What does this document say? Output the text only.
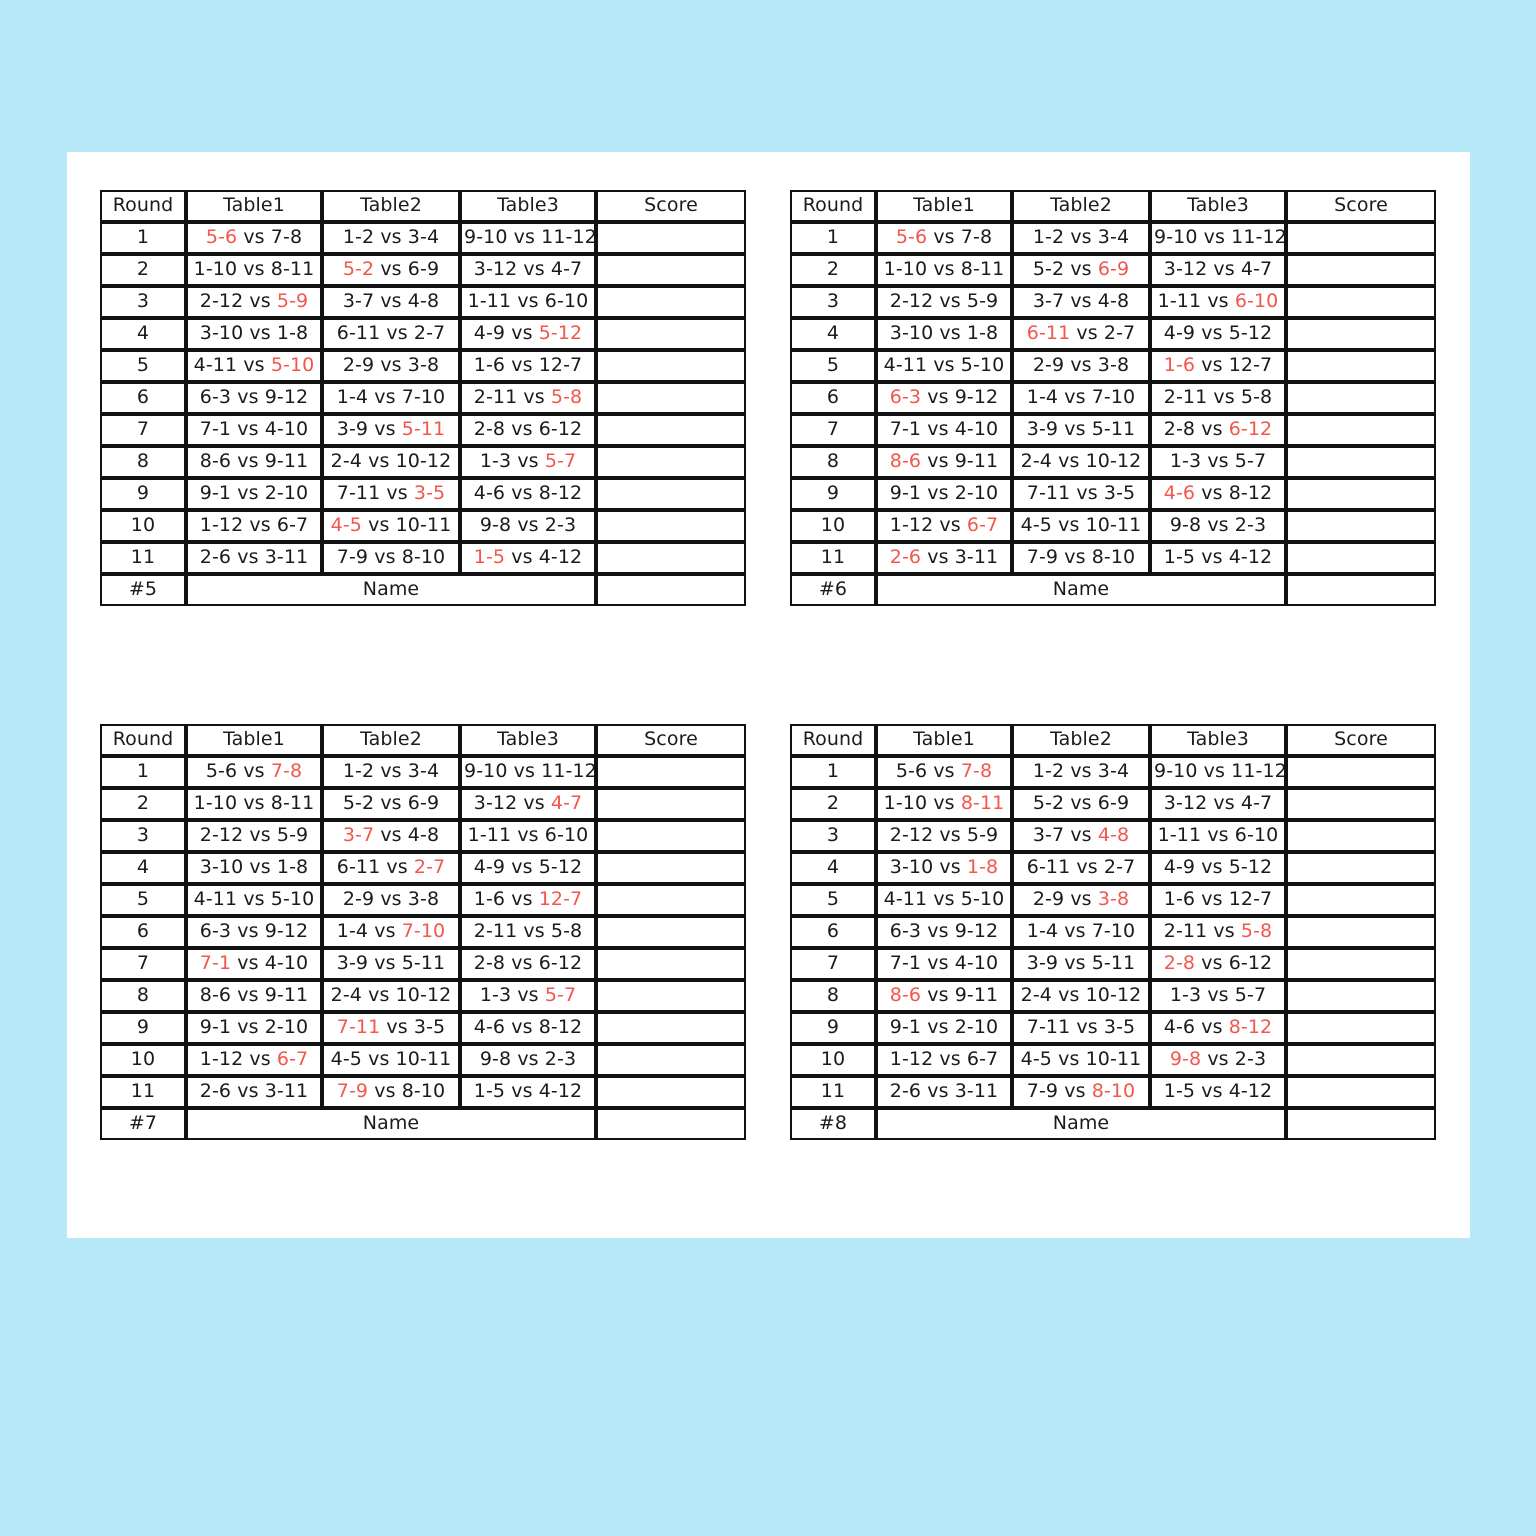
Round	Table1	Table2	Table3	Score
1	5-6 vs 7-8	1-2 vs 3-4	9-10 vs 11-12	

2	1-10 vs 8-11	5-2 vs 6-9	3-12 vs 4-7	

3	2-12 vs 5-9	3-7 vs 4-8	1-11 vs 6-10	

4	3-10 vs 1-8	6-11 vs 2-7	4-9 vs 5-12	

5	4-11 vs 5-10	2-9 vs 3-8	1-6 vs 12-7	

6	6-3 vs 9-12	1-4 vs 7-10	2-11 vs 5-8	

7	7-1 vs 4-10	3-9 vs 5-11	2-8 vs 6-12	

8	8-6 vs 9-11	2-4 vs 10-12	1-3 vs 5-7	

9	9-1 vs 2-10	7-11 vs 3-5	4-6 vs 8-12	

10	1-12 vs 6-7	4-5 vs 10-11	9-8 vs 2-3	

11	2-6 vs 3-11	7-9 vs 8-10	1-5 vs 4-12	

#5	Name			
Round	Table1	Table2	Table3	Score
1	5-6 vs 7-8	1-2 vs 3-4	9-10 vs 11-12	

2	1-10 vs 8-11	5-2 vs 6-9	3-12 vs 4-7	

3	2-12 vs 5-9	3-7 vs 4-8	1-11 vs 6-10	

4	3-10 vs 1-8	6-11 vs 2-7	4-9 vs 5-12	

5	4-11 vs 5-10	2-9 vs 3-8	1-6 vs 12-7	

6	6-3 vs 9-12	1-4 vs 7-10	2-11 vs 5-8	

7	7-1 vs 4-10	3-9 vs 5-11	2-8 vs 6-12	

8	8-6 vs 9-11	2-4 vs 10-12	1-3 vs 5-7	

9	9-1 vs 2-10	7-11 vs 3-5	4-6 vs 8-12	

10	1-12 vs 6-7	4-5 vs 10-11	9-8 vs 2-3	

11	2-6 vs 3-11	7-9 vs 8-10	1-5 vs 4-12	

#6	Name			
Round	Table1	Table2	Table3	Score
1	5-6 vs 7-8	1-2 vs 3-4	9-10 vs 11-12	

2	1-10 vs 8-11	5-2 vs 6-9	3-12 vs 4-7	

3	2-12 vs 5-9	3-7 vs 4-8	1-11 vs 6-10	

4	3-10 vs 1-8	6-11 vs 2-7	4-9 vs 5-12	

5	4-11 vs 5-10	2-9 vs 3-8	1-6 vs 12-7	

6	6-3 vs 9-12	1-4 vs 7-10	2-11 vs 5-8	

7	7-1 vs 4-10	3-9 vs 5-11	2-8 vs 6-12	

8	8-6 vs 9-11	2-4 vs 10-12	1-3 vs 5-7	

9	9-1 vs 2-10	7-11 vs 3-5	4-6 vs 8-12	

10	1-12 vs 6-7	4-5 vs 10-11	9-8 vs 2-3	

11	2-6 vs 3-11	7-9 vs 8-10	1-5 vs 4-12	

#7	Name			
Round	Table1	Table2	Table3	Score
1	5-6 vs 7-8	1-2 vs 3-4	9-10 vs 11-12	

2	1-10 vs 8-11	5-2 vs 6-9	3-12 vs 4-7	

3	2-12 vs 5-9	3-7 vs 4-8	1-11 vs 6-10	

4	3-10 vs 1-8	6-11 vs 2-7	4-9 vs 5-12	

5	4-11 vs 5-10	2-9 vs 3-8	1-6 vs 12-7	

6	6-3 vs 9-12	1-4 vs 7-10	2-11 vs 5-8	

7	7-1 vs 4-10	3-9 vs 5-11	2-8 vs 6-12	

8	8-6 vs 9-11	2-4 vs 10-12	1-3 vs 5-7	

9	9-1 vs 2-10	7-11 vs 3-5	4-6 vs 8-12	

10	1-12 vs 6-7	4-5 vs 10-11	9-8 vs 2-3	

11	2-6 vs 3-11	7-9 vs 8-10	1-5 vs 4-12	

#8	Name			
